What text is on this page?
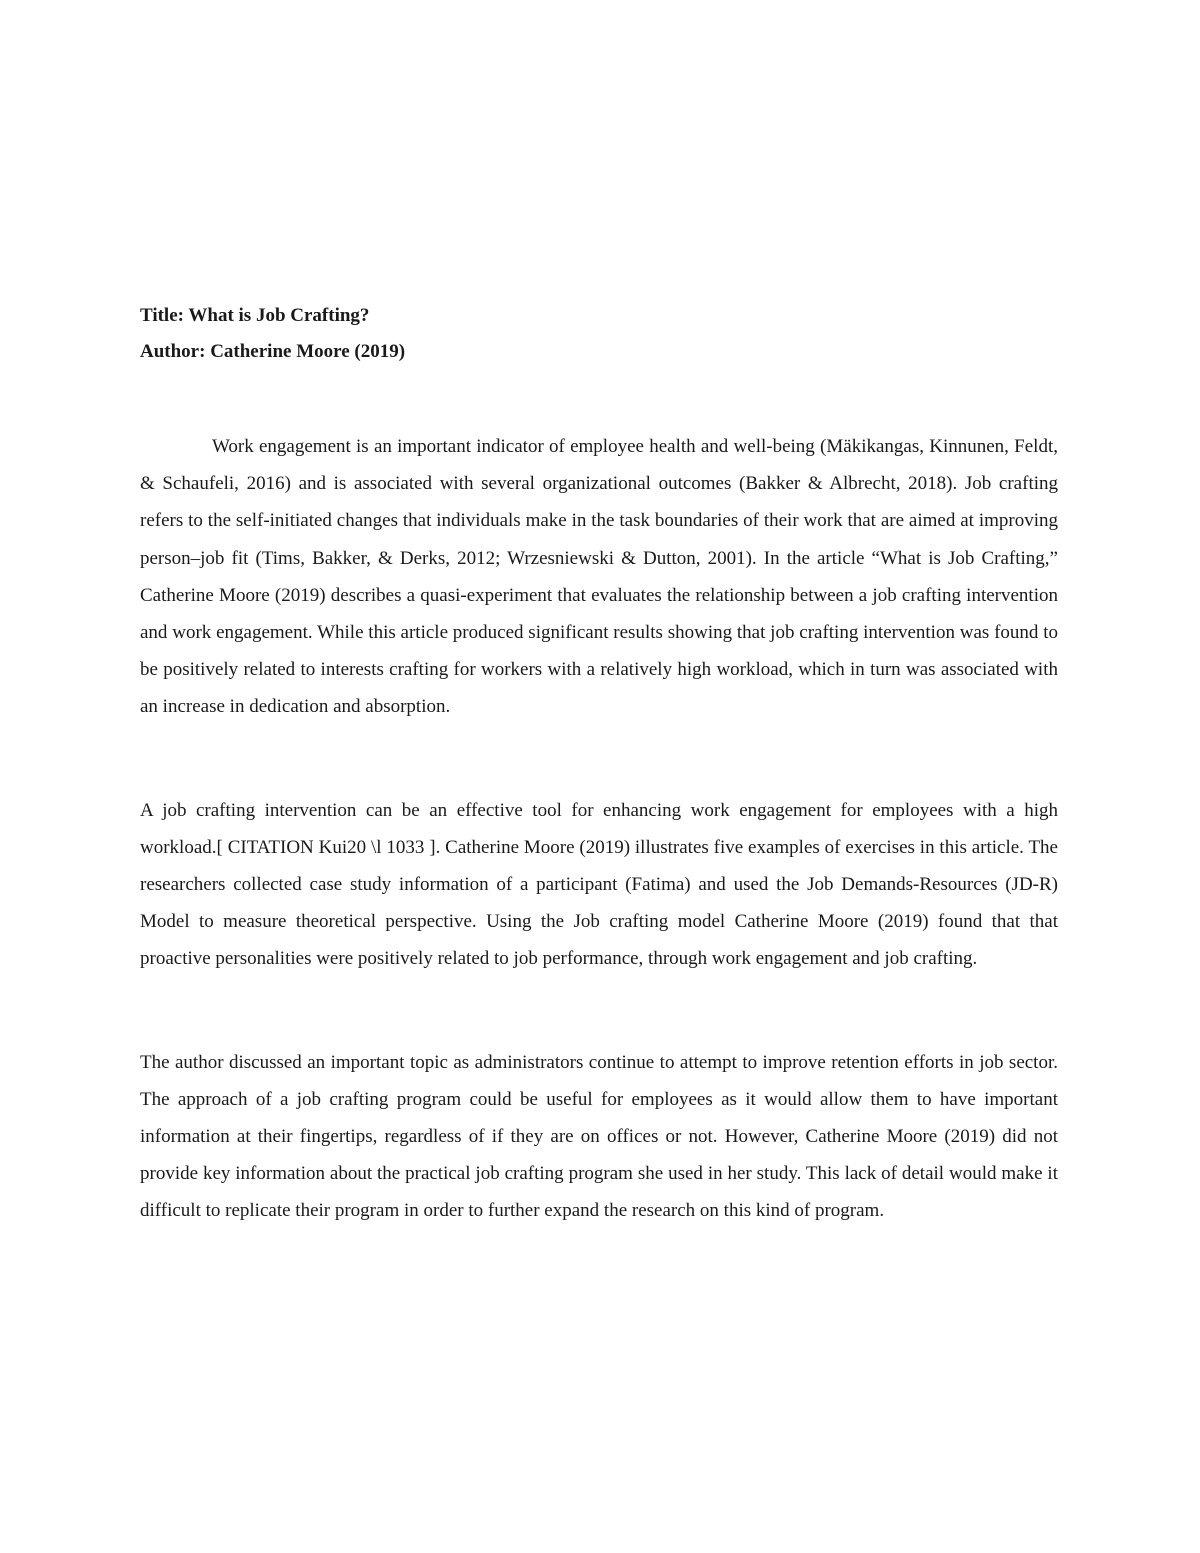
Title: What is Job Crafting?

Author: Catherine Moore (2019)

Work engagement is an important indicator of employee health and well-being (Mäkikangas, Kinnunen, Feldt, & Schaufeli, 2016) and is associated with several organizational outcomes (Bakker & Albrecht, 2018). Job crafting refers to the self-initiated changes that individuals make in the task boundaries of their work that are aimed at improving person–job fit (Tims, Bakker, & Derks, 2012; Wrzesniewski & Dutton, 2001). In the article “What is Job Crafting,” Catherine Moore (2019) describes a quasi-experiment that evaluates the relationship between a job crafting intervention and work engagement. While this article produced significant results showing that job crafting intervention was found to be positively related to interests crafting for workers with a relatively high workload, which in turn was associated with an increase in dedication and absorption.

A job crafting intervention can be an effective tool for enhancing work engagement for employees with a high workload.[ CITATION Kui20 \l 1033 ]. Catherine Moore (2019) illustrates five examples of exercises in this article. The researchers collected case study information of a participant (Fatima) and used the Job Demands-Resources (JD-R) Model to measure theoretical perspective. Using the Job crafting model Catherine Moore (2019) found that that proactive personalities were positively related to job performance, through work engagement and job crafting.

The author discussed an important topic as administrators continue to attempt to improve retention efforts in job sector. The approach of a job crafting program could be useful for employees as it would allow them to have important information at their fingertips, regardless of if they are on offices or not. However, Catherine Moore (2019) did not provide key information about the practical job crafting program she used in her study. This lack of detail would make it difficult to replicate their program in order to further expand the research on this kind of program.
